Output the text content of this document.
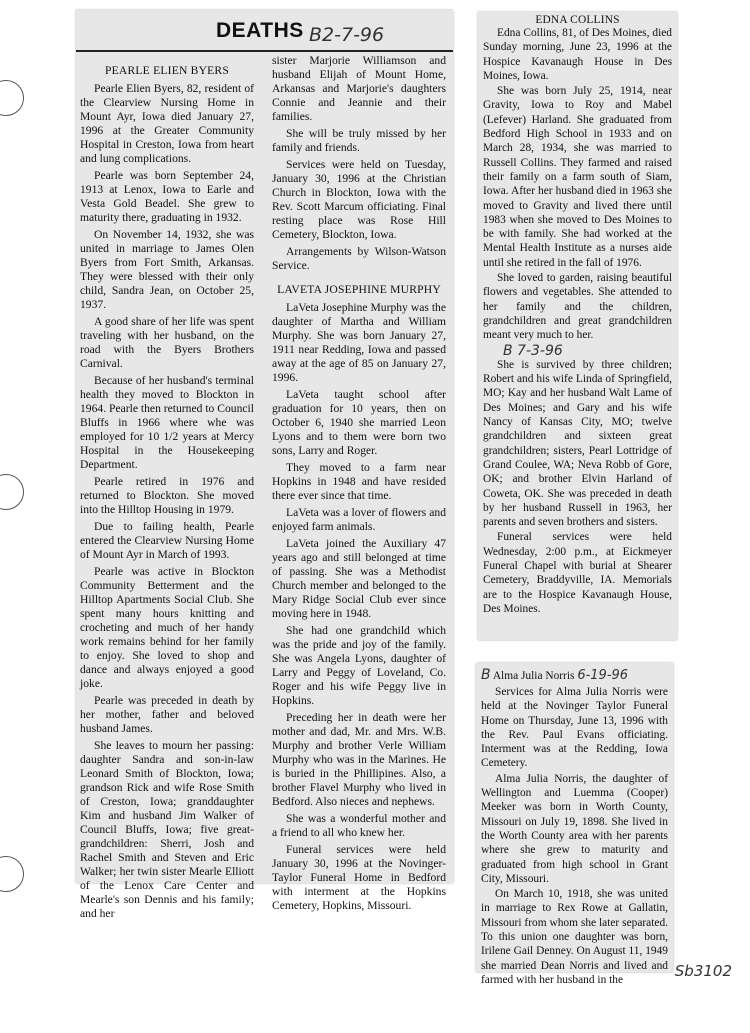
DEATHS B2-7-96
PEARLE ELIEN BYERS

Pearle Elien Byers, 82, resident of the Clearview Nursing Home in Mount Ayr, Iowa died January 27, 1996 at the Greater Community Hospital in Creston, Iowa from heart and lung complications.

Pearle was born September 24, 1913 at Lenox, Iowa to Earle and Vesta Gold Beadel. She grew to maturity there, graduating in 1932.

On November 14, 1932, she was united in marriage to James Olen Byers from Fort Smith, Arkansas. They were blessed with their only child, Sandra Jean, on October 25, 1937.

A good share of her life was spent traveling with her husband, on the road with the Byers Brothers Carnival.

Because of her husband's terminal health they moved to Blockton in 1964. Pearle then returned to Council Bluffs in 1966 where whe was employed for 10 1/2 years at Mercy Hospital in the Housekeeping Department.

Pearle retired in 1976 and returned to Blockton. She moved into the Hilltop Housing in 1979.

Due to failing health, Pearle entered the Clearview Nursing Home of Mount Ayr in March of 1993.

Pearle was active in Blockton Community Betterment and the Hilltop Apartments Social Club. She spent many hours knitting and crocheting and much of her handy work remains behind for her family to enjoy. She loved to shop and dance and always enjoyed a good joke.

Pearle was preceded in death by her mother, father and beloved husband James.

She leaves to mourn her passing: daughter Sandra and son-in-law Leonard Smith of Blockton, Iowa; grandson Rick and wife Rose Smith of Creston, Iowa; granddaughter Kim and husband Jim Walker of Council Bluffs, Iowa; five great-grandchildren: Sherri, Josh and Rachel Smith and Steven and Eric Walker; her twin sister Mearle Elliott of the Lenox Care Center and Mearle's son Dennis and his family; and her

sister Marjorie Williamson and husband Elijah of Mount Home, Arkansas and Marjorie's daughters Connie and Jeannie and their families.

She will be truly missed by her family and friends.

Services were held on Tuesday, January 30, 1996 at the Christian Church in Blockton, Iowa with the Rev. Scott Marcum officiating. Final resting place was Rose Hill Cemetery, Blockton, Iowa.

Arrangements by Wilson-Watson Service.

LAVETA JOSEPHINE MURPHY

LaVeta Josephine Murphy was the daughter of Martha and William Murphy. She was born January 27, 1911 near Redding, Iowa and passed away at the age of 85 on January 27, 1996.

LaVeta taught school after graduation for 10 years, then on October 6, 1940 she married Leon Lyons and to them were born two sons, Larry and Roger.

They moved to a farm near Hopkins in 1948 and have resided there ever since that time.

LaVeta was a lover of flowers and enjoyed farm animals.

LaVeta joined the Auxiliary 47 years ago and still belonged at time of passing. She was a Methodist Church member and belonged to the Mary Ridge Social Club ever since moving here in 1948.

She had one grandchild which was the pride and joy of the family. She was Angela Lyons, daughter of Larry and Peggy of Loveland, Co. Roger and his wife Peggy live in Hopkins.

Preceding her in death were her mother and dad, Mr. and Mrs. W.B. Murphy and brother Verle William Murphy who was in the Marines. He is buried in the Phillipines. Also, a brother Flavel Murphy who lived in Bedford. Also nieces and nephews.

She was a wonderful mother and a friend to all who knew her.

Funeral services were held January 30, 1996 at the Novinger-Taylor Funeral Home in Bedford with interment at the Hopkins Cemetery, Hopkins, Missouri.

EDNA COLLINS

Edna Collins, 81, of Des Moines, died Sunday morning, June 23, 1996 at the Hospice Kavanaugh House in Des Moines, Iowa.

She was born July 25, 1914, near Gravity, Iowa to Roy and Mabel (Lefever) Harland. She graduated from Bedford High School in 1933 and on March 28, 1934, she was married to Russell Collins. They farmed and raised their family on a farm south of Siam, Iowa. After her husband died in 1963 she moved to Gravity and lived there until 1983 when she moved to Des Moines to be with family. She had worked at the Mental Health Institute as a nurses aide until she retired in the fall of 1976.

She loved to garden, raising beautiful flowers and vegetables. She attended to her family and the children, grandchildren and great grandchildren meant very much to her.

B 7-3-96

She is survived by three children; Robert and his wife Linda of Springfield, MO; Kay and her husband Walt Lame of Des Moines; and Gary and his wife Nancy of Kansas City, MO; twelve grandchildren and sixteen great grandchildren; sisters, Pearl Lottridge of Grand Coulee, WA; Neva Robb of Gore, OK; and brother Elvin Harland of Coweta, OK. She was preceded in death by her husband Russell in 1963, her parents and seven brothers and sisters.

Funeral services were held Wednesday, 2:00 p.m., at Eickmeyer Funeral Chapel with burial at Shearer Cemetery, Braddyville, IA. Memorials are to the Hospice Kavanaugh House, Des Moines.

B Alma Julia Norris 6-19-96

Services for Alma Julia Norris were held at the Novinger Taylor Funeral Home on Thursday, June 13, 1996 with the Rev. Paul Evans officiating. Interment was at the Redding, Iowa Cemetery.

Alma Julia Norris, the daughter of Wellington and Luemma (Cooper) Meeker was born in Worth County, Missouri on July 19, 1898. She lived in the Worth County area with her parents where she grew to maturity and graduated from high school in Grant City, Missouri.

On March 10, 1918, she was united in marriage to Rex Rowe at Gallatin, Missouri from whom she later separated. To this union one daughter was born, Irilene Gail Denney. On August 11, 1949 she married Dean Norris and lived and farmed with her husband in the	Sb3102
